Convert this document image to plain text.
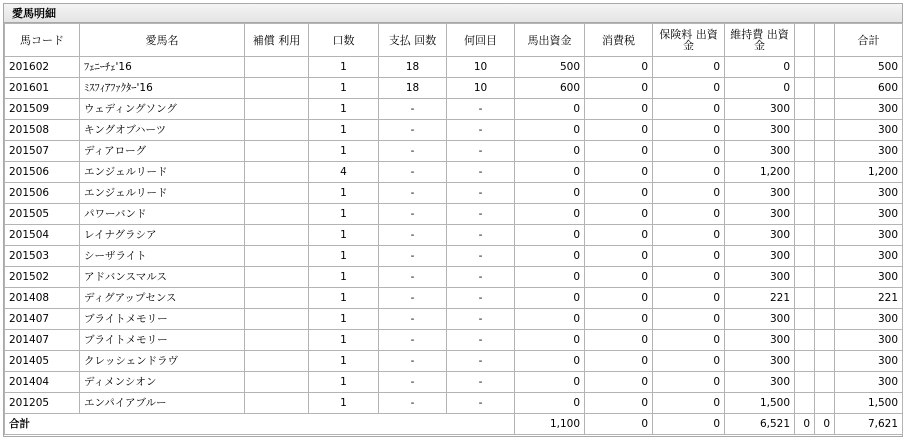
愛馬明細
馬コード	愛馬名	補償 利用	口数	支払 回数	何回目	馬出資金	消費税	保険料 出資金	維持費 出資金			合計
201602	ﾌｪﾆｰﾁｪ'16		1	18	10	500	0	0	0			500
201601	ﾐｽﾌｨｱﾌｧｸﾀｰ'16		1	18	10	600	0	0	0			600
201509	ウェディングソング		1	-	-	0	0	0	300			300
201508	キングオブハーツ		1	-	-	0	0	0	300			300
201507	ディアローグ		1	-	-	0	0	0	300			300
201506	エンジェルリード		4	-	-	0	0	0	1,200			1,200
201506	エンジェルリード		1	-	-	0	0	0	300			300
201505	パワーバンド		1	-	-	0	0	0	300			300
201504	レイナグラシア		1	-	-	0	0	0	300			300
201503	シーザライト		1	-	-	0	0	0	300			300
201502	アドバンスマルス		1	-	-	0	0	0	300			300
201408	ディグアップセンス		1	-	-	0	0	0	221			221
201407	ブライトメモリー		1	-	-	0	0	0	300			300
201407	ブライトメモリー		1	-	-	0	0	0	300			300
201405	クレッシェンドラヴ		1	-	-	0	0	0	300			300
201404	ディメンシオン		1	-	-	0	0	0	300			300
201205	エンパイアブルー		1	-	-	0	0	0	1,500			1,500
合計						1,100	0	0	6,521	0	0	7,621
